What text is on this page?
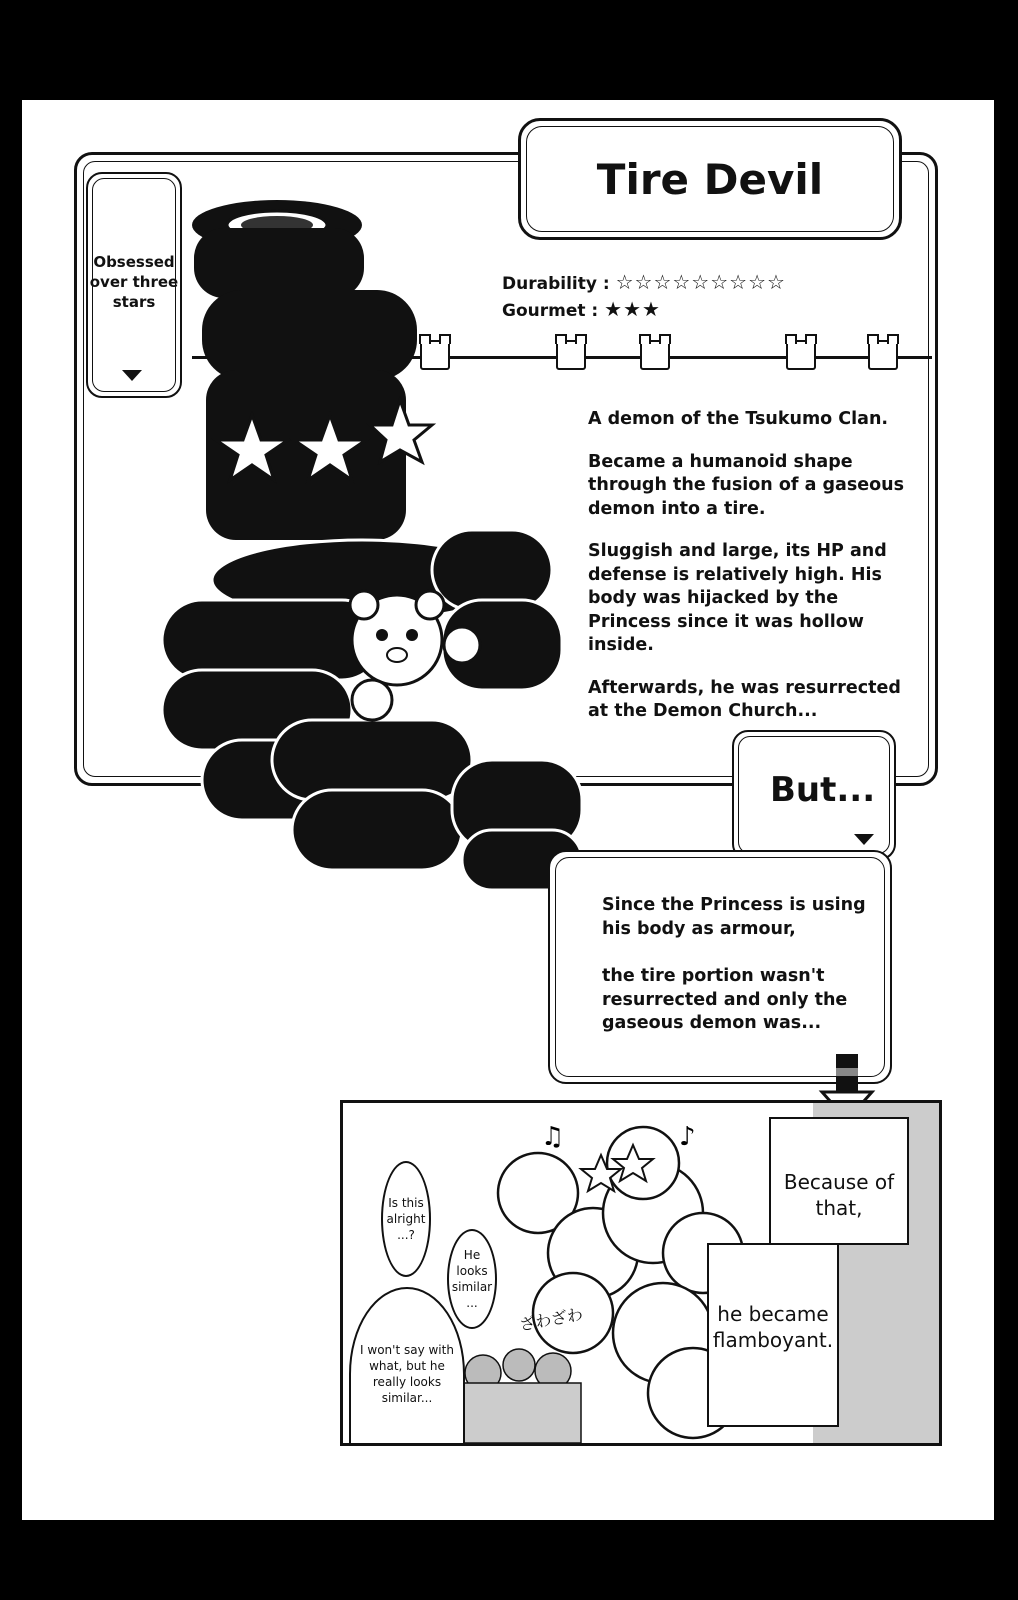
Tire Devil
Obsessed over three stars
Durability : ☆☆☆☆☆☆☆☆☆
Gourmet : ★★★

A demon of the Tsukumo Clan.

Became a humanoid shape through the fusion of a gaseous demon into a tire.

Sluggish and large, its HP and defense is relatively high. His body was hijacked by the Princess since it was hollow inside.

Afterwards, he was resurrected at the Demon Church...

But...

Since the Princess is using his body as armour,

the tire portion wasn't resurrected and only the gaseous demon was...

♫	♪
Is this alright ...?
He looks similar ...
I won't say with what, but he really looks similar...
ざわざわ
Because of that,
he became flamboyant.
